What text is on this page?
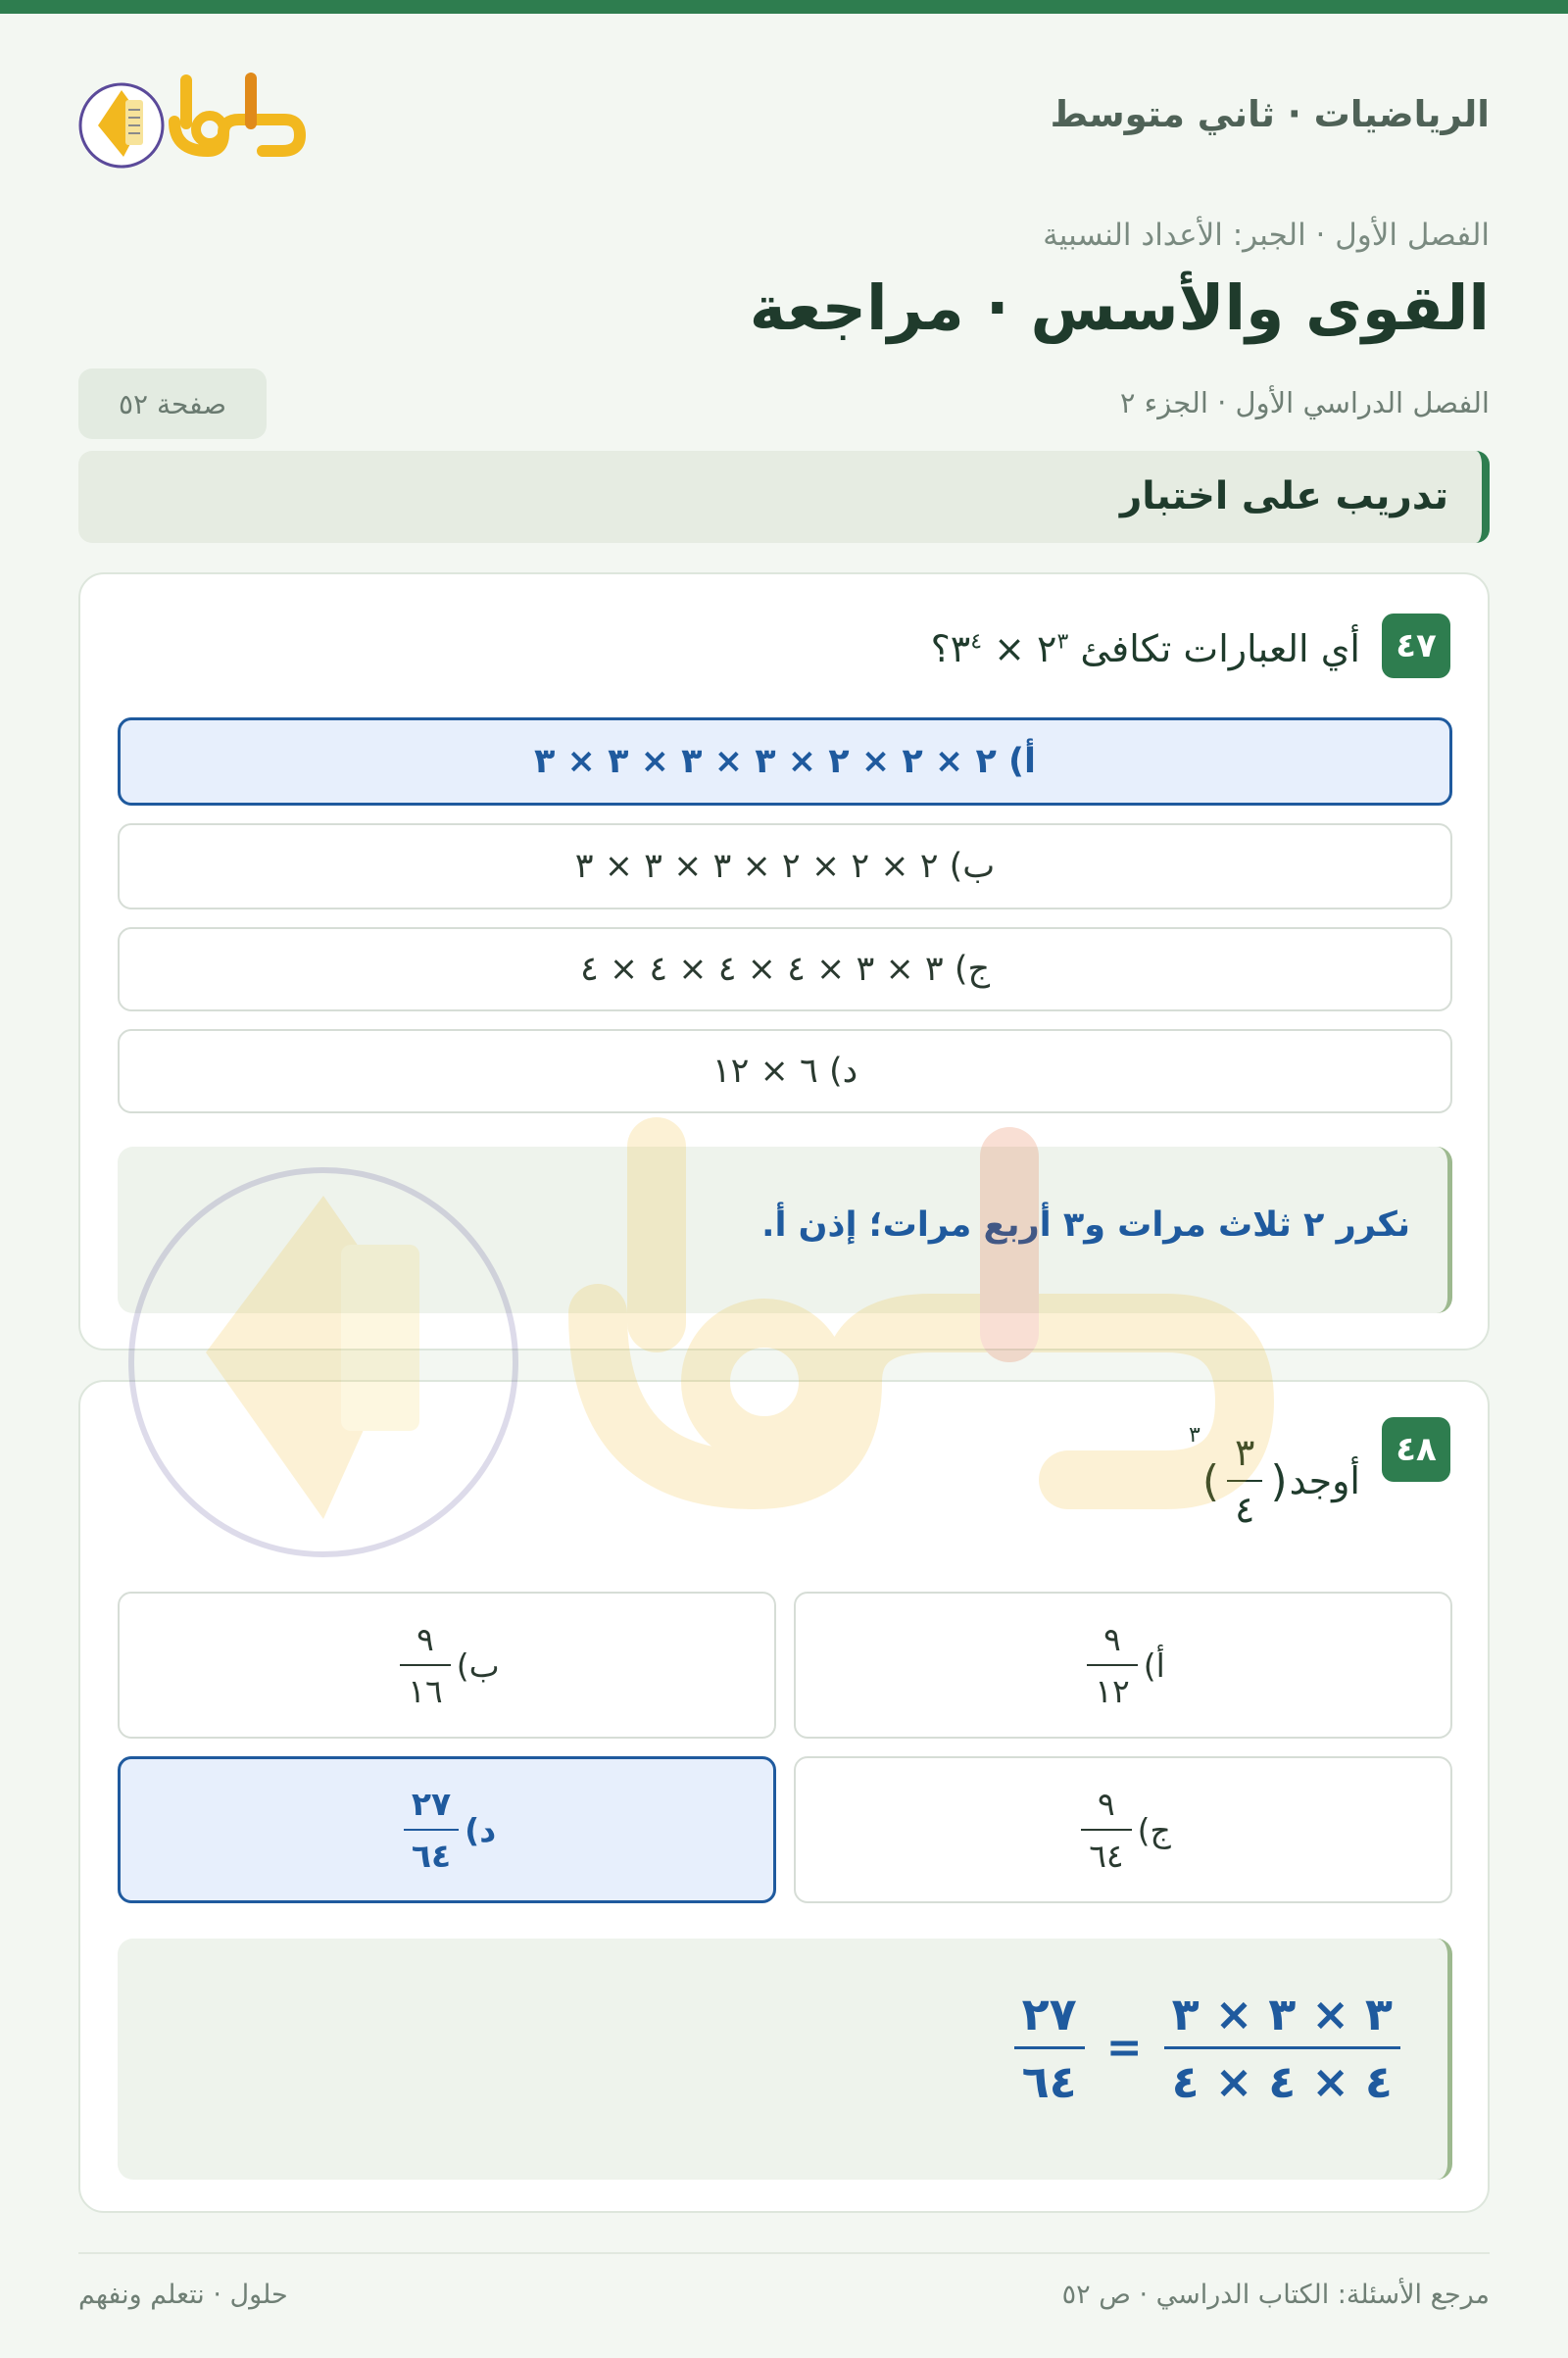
الرياضيات · ثاني متوسط
الفصل الأول · الجبر: الأعداد النسبية
القوى والأسس · مراجعة
الفصل الدراسي الأول · الجزء ٢
صفحة ٥٢
تدريب على اختبار
٤٧
أي العبارات تكافئ $٢^٣$ × $٣^٤؟$
أ) ٢ × ٢ × ٢ × ٣ × ٣ × ٣ × ٣
ب) ٢ × ٢ × ٢ × ٣ × ٣ × ٣
ج) ٣ × ٣ × ٤ × ٤ × ٤ × ٤
د) ٦ × ١٢
نكرر ٢ ثلاث مرات و٣ أربع مرات؛ إذن أ.
٤٨
أوجد
(
$\frac{٣}{٤}$
)
٣
أ)
$\frac{٩}{١٢}$
ب)
$\frac{٩}{١٦}$
ج)
$\frac{٩}{٦٤}$
د)
$\frac{٢٧}{٦٤}$
$\frac{٢٧}{٦٤} = \frac{٣ \times ٣ \times ٣}{٤ \times ٤ \times ٤}$
مرجع الأسئلة: الكتاب الدراسي · ص ٥٢
حلول · نتعلم ونفهم
